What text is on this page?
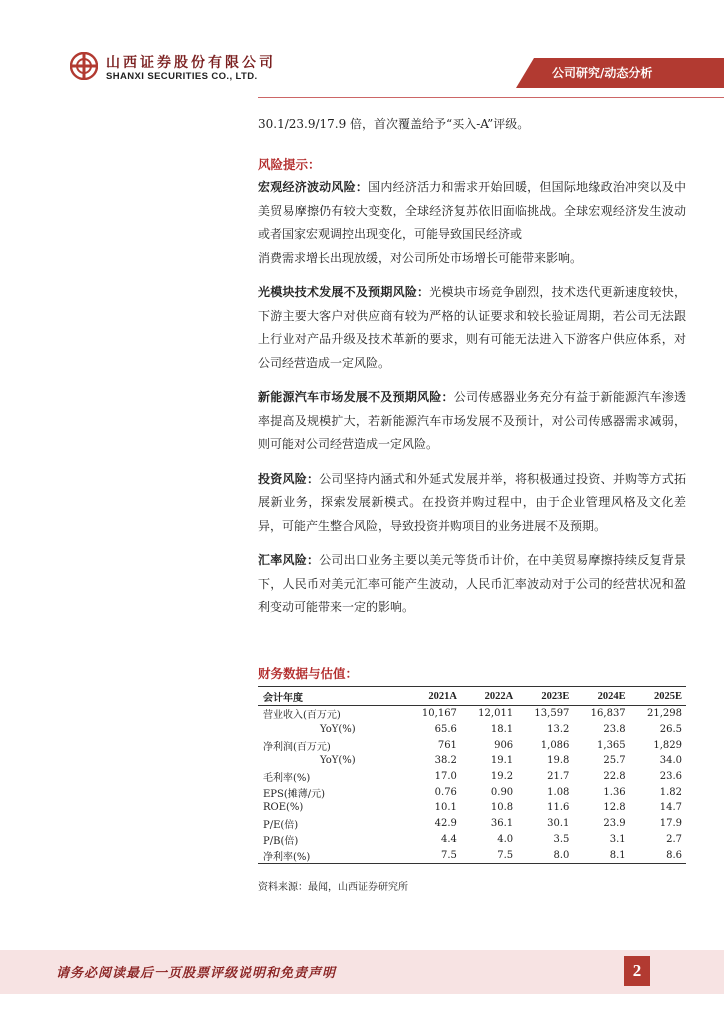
山西证券股份有限公司
SHANXI SECURITIES CO., LTD.	公司研究/动态分析

30.1/23.9/17.9 倍，首次覆盖给予“买入-A”评级。

风险提示：

宏观经济波动风险：国内经济活力和需求开始回暖，但国际地缘政治冲突以及中美贸易摩擦仍有较大变数，全球经济复苏依旧面临挑战。全球宏观经济发生波动或者国家宏观调控出现变化，可能导致国民经济或
消费需求增长出现放缓，对公司所处市场增长可能带来影响。

光模块技术发展不及预期风险：光模块市场竞争剧烈，技术迭代更新速度较快，下游主要大客户对供应商有较为严格的认证要求和较长验证周期，若公司无法跟上行业对产品升级及技术革新的要求，则有可能无法进入下游客户供应体系，对公司经营造成一定风险。

新能源汽车市场发展不及预期风险：公司传感器业务充分有益于新能源汽车渗透率提高及规模扩大，若新能源汽车市场发展不及预计，对公司传感器需求减弱，则可能对公司经营造成一定风险。

投资风险：公司坚持内涵式和外延式发展并举，将积极通过投资、并购等方式拓展新业务，探索发展新模式。在投资并购过程中，由于企业管理风格及文化差异，可能产生整合风险，导致投资并购项目的业务进展不及预期。

汇率风险：公司出口业务主要以美元等货币计价，在中美贸易摩擦持续反复背景下，人民币对美元汇率可能产生波动，人民币汇率波动对于公司的经营状况和盈利变动可能带来一定的影响。

财务数据与估值：
会计年度	2021A	2022A	2023E	2024E	2025E
营业收入(百万元)	10,167	12,011	13,597	16,837	21,298
YoY(%)	65.6	18.1	13.2	23.8	26.5
净利润(百万元)	761	906	1,086	1,365	1,829
YoY(%)	38.2	19.1	19.8	25.7	34.0
毛利率(%)	17.0	19.2	21.7	22.8	23.6
EPS(摊薄/元)	0.76	0.90	1.08	1.36	1.82
ROE(%)	10.1	10.8	11.6	12.8	14.7
P/E(倍)	42.9	36.1	30.1	23.9	17.9
P/B(倍)	4.4	4.0	3.5	3.1	2.7
净利率(%)	7.5	7.5	8.0	8.1	8.6
资料来源：最闻，山西证券研究所
请务必阅读最后一页股票评级说明和免责声明	2
